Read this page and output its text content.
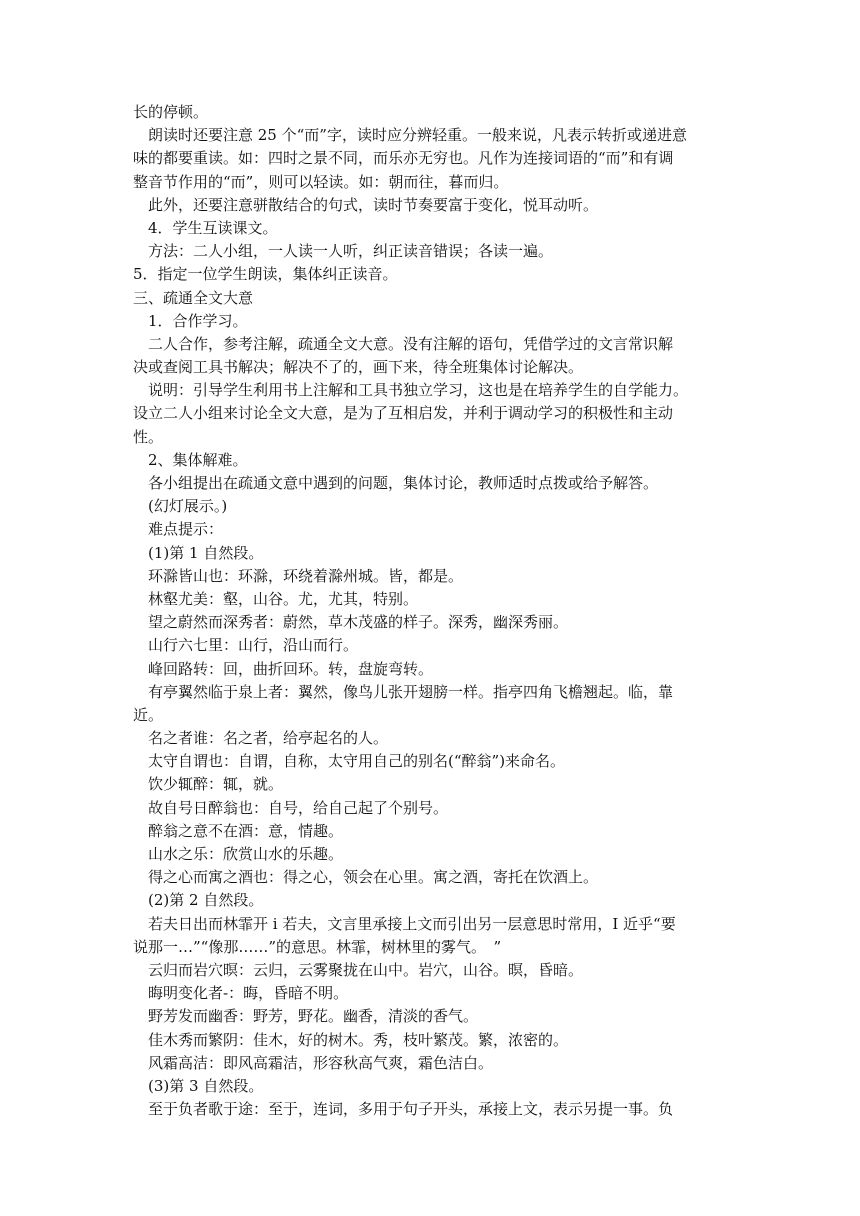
长的停顿。
朗读时还要注意 25 个“而”字，读时应分辨轻重。一般来说，凡表示转折或递进意
味的都要重读。如：四时之景不同，而乐亦无穷也。凡作为连接词语的“而”和有调
整音节作用的“而”，则可以轻读。如：朝而往，暮而归。
此外，还要注意骈散结合的句式，读时节奏要富于变化，悦耳动听。
4．学生互读课文。
方法：二人小组，一人读一人听，纠正读音错误；各读一遍。
5．指定一位学生朗读，集体纠正读音。
三、疏通全文大意
1．合作学习。
二人合作，参考注解，疏通全文大意。没有注解的语句，凭借学过的文言常识解
决或查阅工具书解决；解决不了的，画下来，待全班集体讨论解决。
说明：引导学生利用书上注解和工具书独立学习，这也是在培养学生的自学能力。
设立二人小组来讨论全文大意，是为了互相启发，并利于调动学习的积极性和主动
性。
2、集体解难。
各小组提出在疏通文意中遇到的问题，集体讨论，教师适时点拨或给予解答。
(幻灯展示。)
难点提示：
(1)第 1 自然段。
环滁皆山也：环滁，环绕着滁州城。皆，都是。
林壑尤美：壑，山谷。尤，尤其，特别。
望之蔚然而深秀者：蔚然，草木茂盛的样子。深秀，幽深秀丽。
山行六七里：山行，沿山而行。
峰回路转：回，曲折回环。转，盘旋弯转。
有亭翼然临于泉上者：翼然，像鸟儿张开翅膀一样。指亭四角飞檐翘起。临，靠
近。
名之者谁：名之者，给亭起名的人。
太守自谓也：自谓，自称，太守用自己的别名(“醉翁”)来命名。
饮少辄醉：辄，就。
故自号日醉翁也：自号，给自己起了个别号。
醉翁之意不在酒：意，情趣。
山水之乐：欣赏山水的乐趣。
得之心而寓之酒也：得之心，领会在心里。寓之酒，寄托在饮酒上。
(2)第 2 自然段。
若夫日出而林霏开 i 若夫，文言里承接上文而引出另一层意思时常用，I 近乎“要
说那一…”“像那……”的意思。林霏，树林里的雾气。　”
云归而岩穴暝：云归，云雾聚拢在山中。岩穴，山谷。暝，昏暗。
晦明变化者-：晦，昏暗不明。
野芳发而幽香：野芳，野花。幽香，清淡的香气。
佳木秀而繁阴：佳木，好的树木。秀，枝叶繁茂。繁，浓密的。
风霜高洁：即风高霜洁，形容秋高气爽，霜色洁白。
(3)第 3 自然段。
至于负者歌于途：至于，连词，多用于句子开头，承接上文，表示另提一事。负
